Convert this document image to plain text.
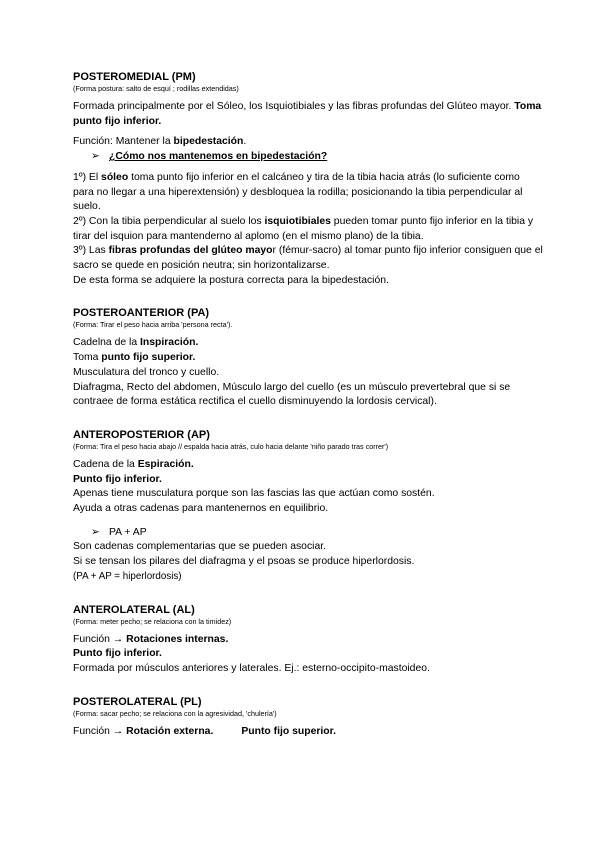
POSTEROMEDIAL (PM)
(Forma postura: salto de esquí ; rodillas extendidas)
Formada principalmente por el Sóleo, los Isquiotibiales y las fibras profundas del Glúteo mayor. Toma punto fijo inferior.
Función: Mantener la bipedestación.
➢ ¿Cómo nos mantenemos en bipedestación?
1º) El sóleo toma punto fijo inferior en el calcáneo y tira de la tibia hacia atrás (lo suficiente como para no llegar a una hiperextensión) y desbloquea la rodilla; posicionando la tibia perpendicular al suelo.
2º) Con la tibia perpendicular al suelo los isquiotibiales pueden tomar punto fijo inferior en la tibia y tirar del isquion para mantenderno al aplomo (en el mismo plano) de la tibia.
3º) Las fibras profundas del glúteo mayor (fémur-sacro) al tomar punto fijo inferior consiguen que el sacro se quede en posición neutra; sin horizontalizarse.
De esta forma se adquiere la postura correcta para la bipedestación.
POSTEROANTERIOR (PA)
(Forma: Tirar el peso hacia arriba 'persona recta').
Cadelna de la Inspiración.
Toma punto fijo superior.
Musculatura del tronco y cuello.
Diafragma, Recto del abdomen, Músculo largo del cuello (es un músculo prevertebral que si se contraee de forma estática rectifica el cuello disminuyendo la lordosis cervical).
ANTEROPOSTERIOR (AP)
(Forma: Tira el peso hacia abajo // espalda hacia atrás, culo hacia delante 'niño parado tras correr')
Cadena de la Espiración.
Punto fijo inferior.
Apenas tiene musculatura porque son las fascias las que actúan como sostén.
Ayuda a otras cadenas para mantenernos en equilibrio.
➢ PA + AP
Son cadenas complementarias que se pueden asociar.
Si se tensan los pilares del diafragma y el psoas se produce hiperlordosis.
(PA + AP = hiperlordosis)
ANTEROLATERAL (AL)
(Forma: meter pecho; se relaciona con la timidez)
Función → Rotaciones internas.
Punto fijo inferior.
Formada por músculos anteriores y laterales. Ej.: esterno-occipito-mastoideo.
POSTEROLATERAL (PL)
(Forma: sacar pecho; se relaciona con la agresividad, 'chulería')
Función → Rotación externa.	Punto fijo superior.
